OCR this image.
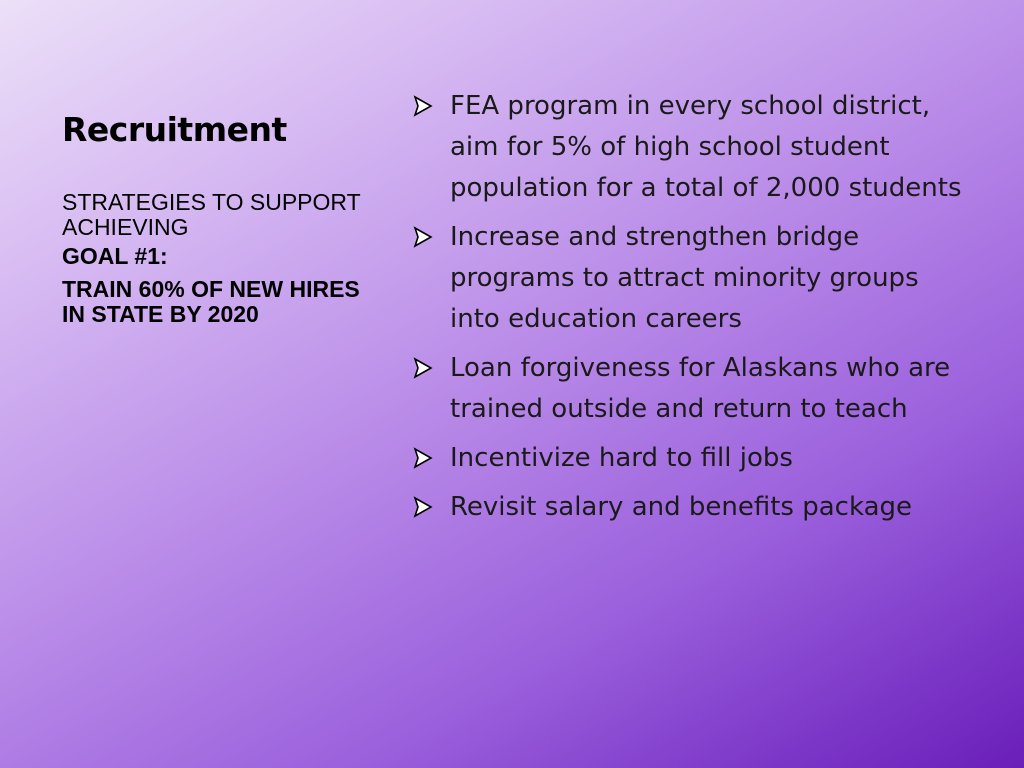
Recruitment
STRATEGIES TO SUPPORT ACHIEVING
GOAL #1:
TRAIN 60% OF NEW HIRES IN STATE BY 2020
FEA program in every school district, aim for 5% of high school student population for a total of 2,000 students
Increase and strengthen bridge programs to attract minority groups into education careers
Loan forgiveness for Alaskans who are trained outside and return to teach
Incentivize hard to fill jobs
Revisit salary and benefits package
